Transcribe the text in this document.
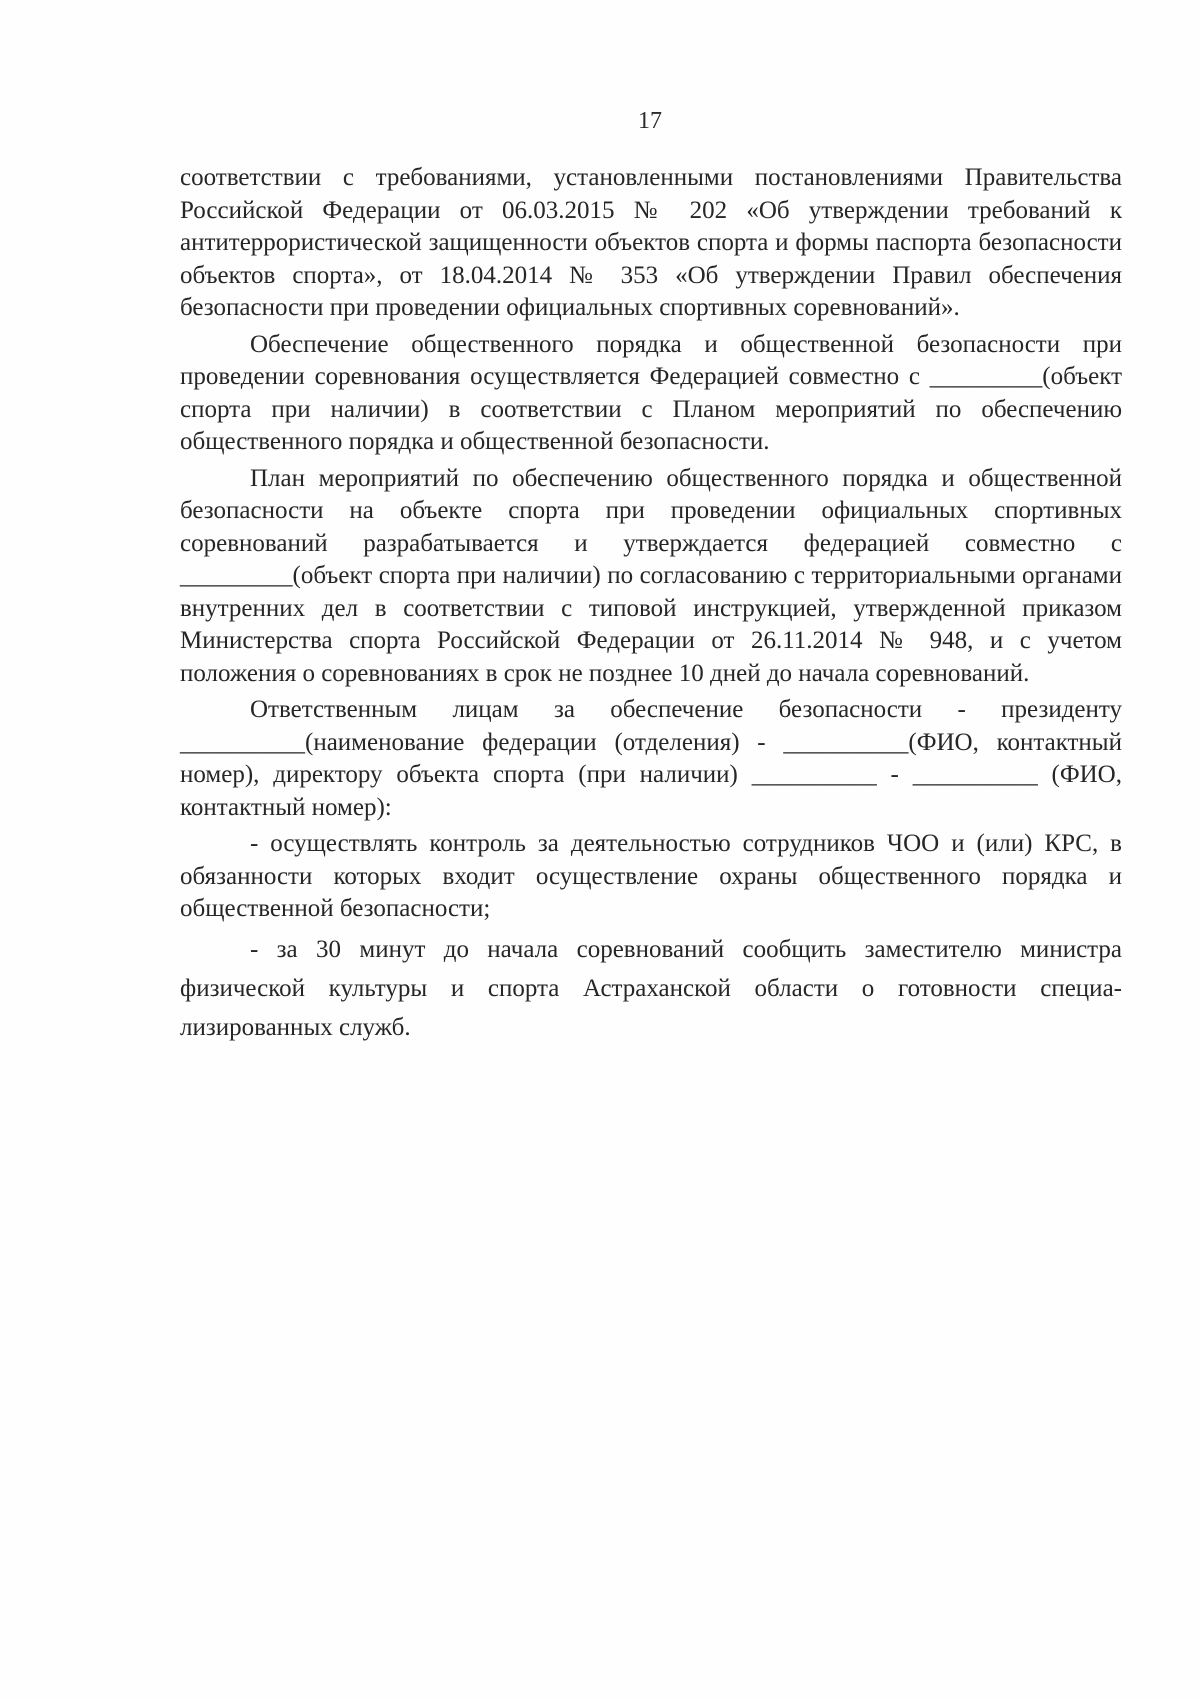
17

соответствии с требованиями, установленными постановлениями Правительства Российской Федерации от 06.03.2015 № 202 «Об утверждении требований к антитеррористической защищенности объектов спорта и формы паспорта безопасности объектов спорта», от 18.04.2014 № 353 «Об утверждении Правил обеспечения безопасности при проведении официальных спортивных соревнований».

Обеспечение общественного порядка и общественной безопасности при проведении соревнования осуществляется Федерацией совместно с _________(объект спорта при наличии) в соответствии с Планом мероприятий по обеспечению общественного порядка и общественной безопасности.

План мероприятий по обеспечению общественного порядка и общественной безопасности на объекте спорта при проведении официальных спортивных соревнований разрабатывается и утверждается федерацией совместно с _________(объект спорта при наличии) по согласованию с территориальными органами внутренних дел в соответствии с типовой инструкцией, утвержденной приказом Министерства спорта Российской Федерации от 26.11.2014 № 948, и с учетом положения о соревнованиях в срок не позднее 10 дней до начала соревнований.

Ответственным лицам за обеспечение безопасности - президенту __________(наименование федерации (отделения) - __________(ФИО, контактный номер), директору объекта спорта (при наличии) __________ - __________ (ФИО, контактный номер):

- осуществлять контроль за деятельностью сотрудников ЧОО и (или) КРС, в обязанности которых входит осуществление охраны общественного порядка и общественной безопасности;

- за 30 минут до начала соревнований сообщить заместителю министра физической культуры и спорта Астраханской области о готовности специализированных служб.
